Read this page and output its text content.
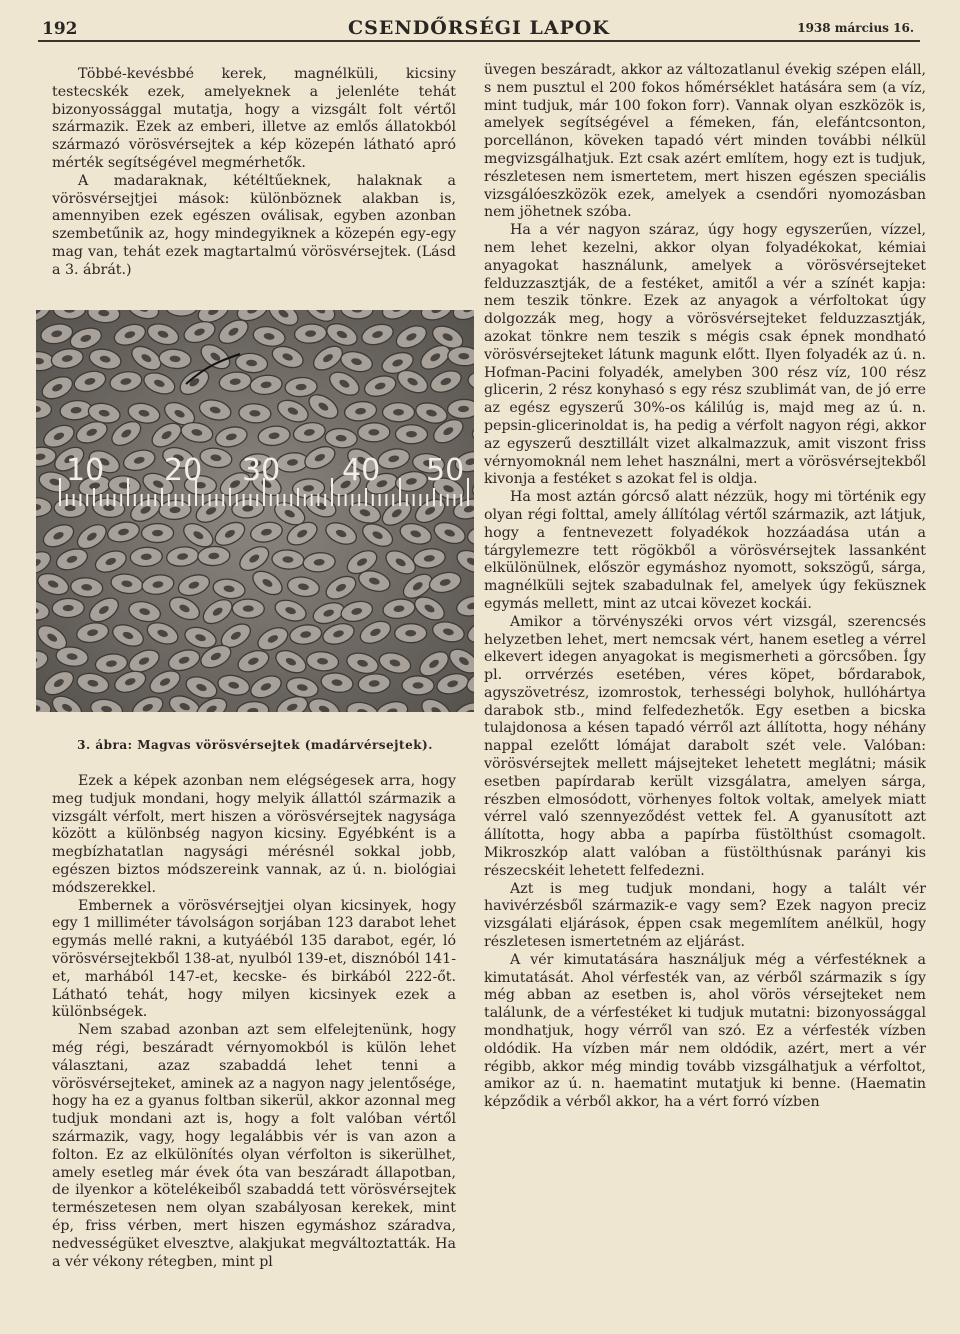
192	CSENDŐRSÉGI LAPOK	1938 március 16.

Többé-kevésbbé kerek, magnélküli, kicsiny testecskék ezek, amelyeknek a jelenléte tehát bizonyossággal mutatja, hogy a vizsgált folt vértől származik. Ezek az emberi, illetve az emlős állatokból származó vörösvérsejtek a kép közepén látható apró mérték segítségével megmérhetők.

A madaraknak, kétéltűeknek, halaknak a vörösvérsejtjei mások: különböznek alakban is, amennyiben ezek egészen oválisak, egyben azonban szembetűnik az, hogy mindegyiknek a közepén egy-egy mag van, tehát ezek magtartalmú vörösvérsejtek. (Lásd a 3. ábrát.)

10 20 30 40 50
3. ábra: Magvas vörösvérsejtek (madárvérsejtek).

Ezek a képek azonban nem elégségesek arra, hogy meg tudjuk mondani, hogy melyik állattól származik a vizsgált vérfolt, mert hiszen a vörösvérsejtek nagysága között a különbség nagyon kicsiny. Egyébként is a megbízhatatlan nagysági mérésnél sokkal jobb, egészen biztos módszereink vannak, az ú. n. biológiai módszerekkel.

Embernek a vörösvérsejtjei olyan kicsinyek, hogy egy 1 milliméter távolságon sorjában 123 darabot lehet egymás mellé rakni, a kutyáéból 135 darabot, egér, ló vörösvérsejtekből 138-at, nyulból 139-et, disznóból 141-et, marhából 147-et, kecske- és birkából 222-őt. Látható tehát, hogy milyen kicsinyek ezek a különbségek.

Nem szabad azonban azt sem elfelejtenünk, hogy még régi, beszáradt vérnyomokból is külön lehet választani, azaz szabaddá lehet tenni a vörösvérsejteket, aminek az a nagyon nagy jelentősége, hogy ha ez a gyanus foltban sikerül, akkor azonnal meg tudjuk mondani azt is, hogy a folt valóban vértől származik, vagy, hogy legalábbis vér is van azon a folton. Ez az elkülönítés olyan vérfolton is sikerülhet, amely esetleg már évek óta van beszáradt állapotban, de ilyenkor a kötelékeiből szabaddá tett vörösvérsejtek természetesen nem olyan szabályosan kerekek, mint ép, friss vérben, mert hiszen egymáshoz száradva, nedvességüket elvesztve, alakjukat megváltoztatták. Ha a vér vékony rétegben, mint pl

üvegen beszáradt, akkor az változatlanul évekig szépen eláll, s nem pusztul el 200 fokos hőmérséklet hatására sem (a víz, mint tudjuk, már 100 fokon forr). Vannak olyan eszközök is, amelyek segítségével a fémeken, fán, elefántcsonton, porcellánon, köveken tapadó vért minden további nélkül megvizsgálhatjuk. Ezt csak azért említem, hogy ezt is tudjuk, részletesen nem ismertetem, mert hiszen egészen speciális vizsgálóeszközök ezek, amelyek a csendőri nyomozásban nem jöhetnek szóba.

Ha a vér nagyon száraz, úgy hogy egyszerűen, vízzel, nem lehet kezelni, akkor olyan folyadékokat, kémiai anyagokat használunk, amelyek a vörösvérsejteket felduzzasztják, de a festéket, amitől a vér a színét kapja: nem teszik tönkre. Ezek az anyagok a vérfoltokat úgy dolgozzák meg, hogy a vörösvérsejteket felduzzasztják, azokat tönkre nem teszik s mégis csak épnek mondható vörösvérsejteket látunk magunk előtt. Ilyen folyadék az ú. n. Hofman-Pacini folyadék, amelyben 300 rész víz, 100 rész glicerin, 2 rész konyhasó s egy rész szublimát van, de jó erre az egész egyszerű 30%-os kálilúg is, majd meg az ú. n. pepsin-glicerinoldat is, ha pedig a vérfolt nagyon régi, akkor az egyszerű desztillált vizet alkalmazzuk, amit viszont friss vérnyomoknál nem lehet használni, mert a vörösvérsejtekből kivonja a festéket s azokat fel is oldja.

Ha most aztán górcső alatt nézzük, hogy mi történik egy olyan régi folttal, amely állítólag vértől származik, azt látjuk, hogy a fentnevezett folyadékok hozzáadása után a tárgylemezre tett rögökből a vörösvérsejtek lassanként elkülönülnek, először egymáshoz nyomott, sokszögű, sárga, magnélküli sejtek szabadulnak fel, amelyek úgy feküsznek egymás mellett, mint az utcai kövezet kockái.

Amikor a törvényszéki orvos vért vizsgál, szerencsés helyzetben lehet, mert nemcsak vért, hanem esetleg a vérrel elkevert idegen anyagokat is megismerheti a görcsőben. Így pl. orrvérzés esetében, véres köpet, bőrdarabok, agyszövetrész, izomrostok, terhességi bolyhok, hullóhártya darabok stb., mind felfedezhetők. Egy esetben a bicska tulajdonosa a késen tapadó vérről azt állította, hogy néhány nappal ezelőtt lómájat darabolt szét vele. Valóban: vörösvérsejtek mellett májsejteket lehetett meglátni; másik esetben papírdarab került vizsgálatra, amelyen sárga, részben elmosódott, vörhenyes foltok voltak, amelyek miatt vérrel való szennyeződést vettek fel. A gyanusított azt állította, hogy abba a papírba füstölthúst csomagolt. Mikroszkóp alatt valóban a füstölthúsnak parányi kis részecskéit lehetett felfedezni.

Azt is meg tudjuk mondani, hogy a talált vér havivérzésből származik-e vagy sem? Ezek nagyon preciz vizsgálati eljárások, éppen csak megemlítem anélkül, hogy részletesen ismertetném az eljárást.

A vér kimutatására használjuk még a vérfestéknek a kimutatását. Ahol vérfesték van, az vérből származik s így még abban az esetben is, ahol vörös vérsejteket nem találunk, de a vérfestéket ki tudjuk mutatni: bizonyossággal mondhatjuk, hogy vérről van szó. Ez a vérfesték vízben oldódik. Ha vízben már nem oldódik, azért, mert a vér régibb, akkor még mindig tovább vizsgálhatjuk a vérfoltot, amikor az ú. n. haematint mutatjuk ki benne. (Haematin képződik a vérből akkor, ha a vért forró vízben
